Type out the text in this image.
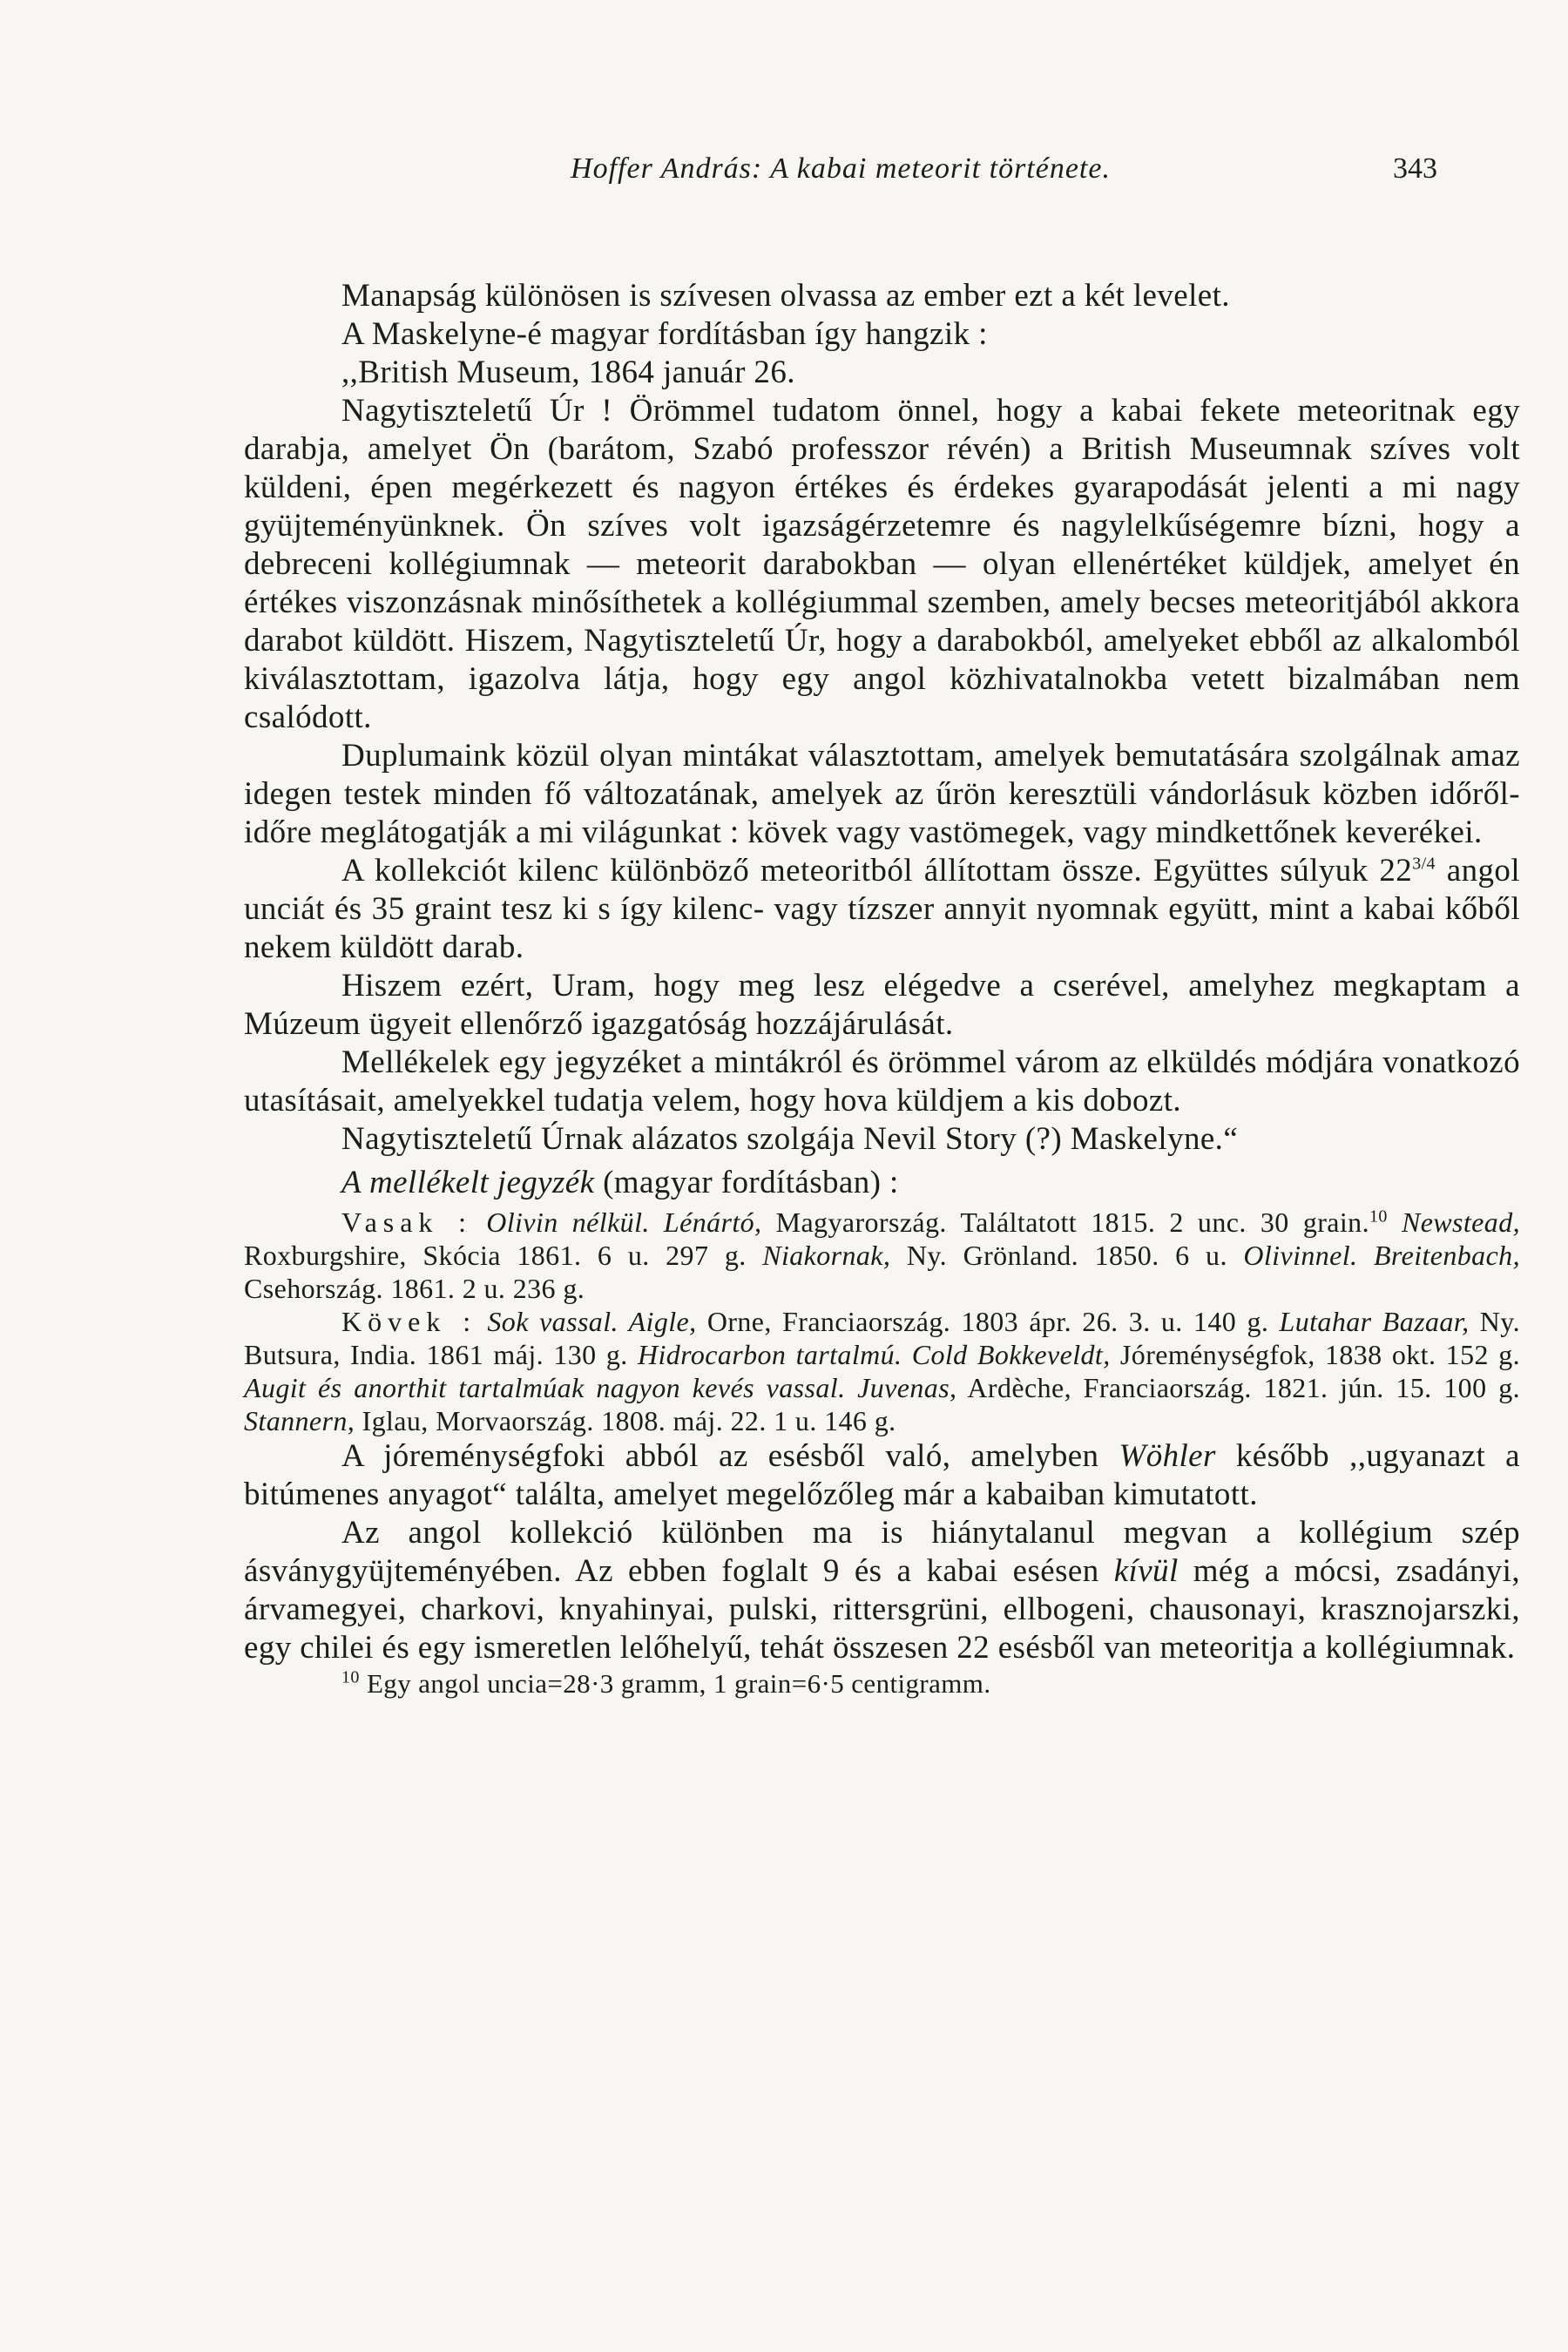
Hoffer András: A kabai meteorit története.	343

Manapság különösen is szívesen olvassa az ember ezt a két levelet.

A Maskelyne-é magyar fordításban így hangzik :

,,British Museum, 1864 január 26.

Nagytiszteletű Úr ! Örömmel tudatom önnel, hogy a kabai fekete meteoritnak egy darabja, amelyet Ön (barátom, Szabó professzor révén) a British Museumnak szíves volt küldeni, épen megérkezett és nagyon értékes és érdekes gyarapodását jelenti a mi nagy gyüjteményünknek. Ön szíves volt igazságérzetemre és nagylelkűségemre bízni, hogy a debreceni kollégiumnak — meteorit darabokban — olyan ellenértéket küldjek, amelyet én értékes viszonzásnak minősíthetek a kollégiummal szemben, amely becses meteoritjából akkora darabot küldött. Hiszem, Nagytiszteletű Úr, hogy a darabokból, amelyeket ebből az alkalomból kiválasztottam, igazolva látja, hogy egy angol közhivatalnokba vetett bizalmában nem csalódott.

Duplumaink közül olyan mintákat választottam, amelyek bemutatására szolgálnak amaz idegen testek minden fő változatának, amelyek az űrön keresztüli vándorlásuk közben időről-időre meglátogatják a mi világunkat : kövek vagy vastömegek, vagy mindkettőnek keverékei.

A kollekciót kilenc különböző meteoritból állítottam össze. Együttes súlyuk $22^{3/4}$ angol unciát és 35 graint tesz ki s így kilenc- vagy tízszer annyit nyomnak együtt, mint a kabai kőből nekem küldött darab.

Hiszem ezért, Uram, hogy meg lesz elégedve a cserével, amelyhez megkaptam a Múzeum ügyeit ellenőrző igazgatóság hozzájárulását.

Mellékelek egy jegyzéket a mintákról és örömmel várom az elküldés módjára vonatkozó utasításait, amelyekkel tudatja velem, hogy hova küldjem a kis dobozt.

Nagytiszteletű Úrnak alázatos szolgája Nevil Story (?) Maskelyne.“

A mellékelt jegyzék (magyar fordításban) :

Vasak : Olivin nélkül. Lénártó, Magyarország. Találtatott 1815. 2 unc. 30 grain.$^{10}$ Newstead, Roxburgshire, Skócia 1861. 6 u. 297 g. Niakornak, Ny. Grönland. 1850. 6 u. Olivinnel. Breitenbach, Csehország. 1861. 2 u. 236 g.

Kövek : Sok vassal. Aigle, Orne, Franciaország. 1803 ápr. 26. 3. u. 140 g. Lutahar Bazaar, Ny. Butsura, India. 1861 máj. 130 g. Hidrocarbon tartalmú. Cold Bokkeveldt, Jóreménységfok, 1838 okt. 152 g. Augit és anorthit tartalmúak nagyon kevés vassal. Juvenas, Ardèche, Franciaország. 1821. jún. 15. 100 g. Stannern, Iglau, Morvaország. 1808. máj. 22. 1 u. 146 g.

A jóreménységfoki abból az esésből való, amelyben Wöhler később ,,ugyanazt a bitúmenes anyagot“ találta, amelyet megelőzőleg már a kabaiban kimutatott.

Az angol kollekció különben ma is hiánytalanul megvan a kollégium szép ásványgyüjteményében. Az ebben foglalt 9 és a kabai esésen kívül még a mócsi, zsadányi, árvamegyei, charkovi, knyahinyai, pulski, rittersgrüni, ellbogeni, chausonayi, krasznojarszki, egy chilei és egy ismeretlen lelőhelyű, tehát összesen 22 esésből van meteoritja a kollégiumnak.

$^{10}$ Egy angol uncia=28·3 gramm, 1 grain=6·5 centigramm.
